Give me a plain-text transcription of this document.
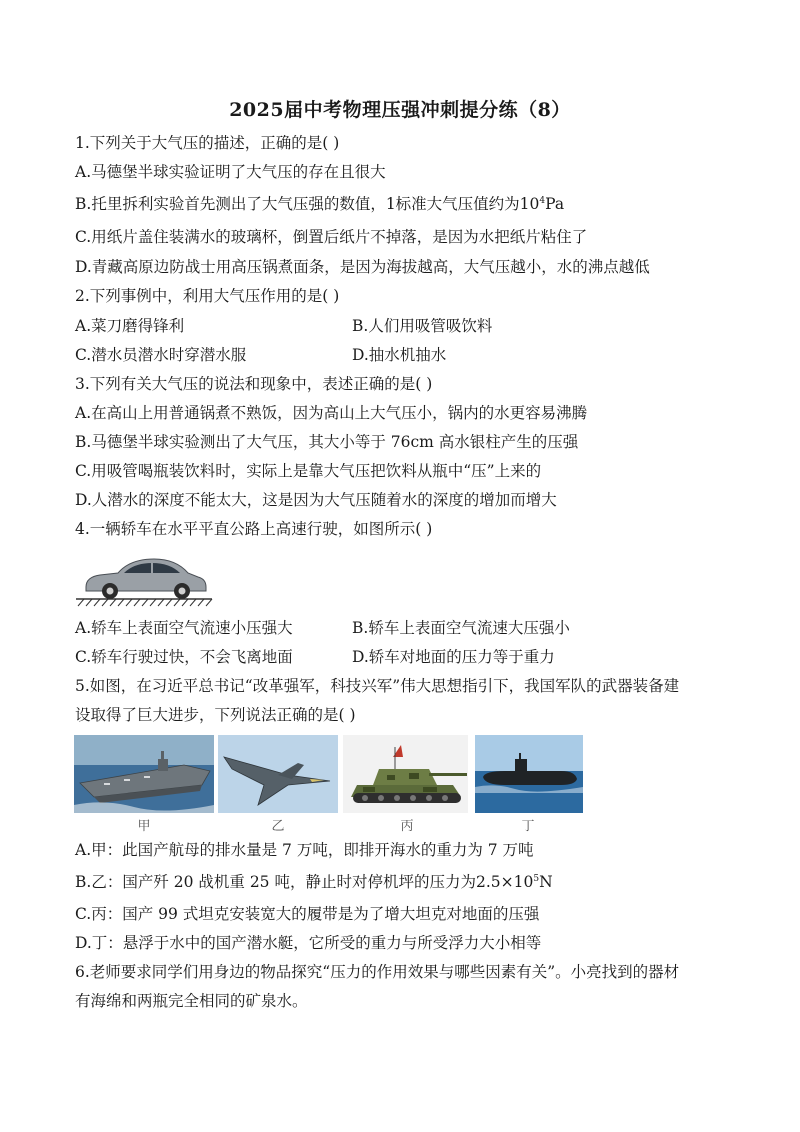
2025届中考物理压强冲刺提分练（8）
1.下列关于大气压的描述，正确的是( )
A.马德堡半球实验证明了大气压的存在且很大
B.托里拆利实验首先测出了大气压强的数值，1标准大气压值约为$10^4Pa$
C.用纸片盖住装满水的玻璃杯，倒置后纸片不掉落，是因为水把纸片粘住了
D.青藏高原边防战士用高压锅煮面条，是因为海拔越高，大气压越小，水的沸点越低
2.下列事例中，利用大气压作用的是( )
A.菜刀磨得锋利	B.人们用吸管吸饮料
C.潜水员潜水时穿潜水服	D.抽水机抽水
3.下列有关大气压的说法和现象中，表述正确的是( )
A.在高山上用普通锅煮不熟饭，因为高山上大气压小，锅内的水更容易沸腾
B.马德堡半球实验测出了大气压，其大小等于 76cm 高水银柱产生的压强
C.用吸管喝瓶装饮料时，实际上是靠大气压把饮料从瓶中“压”上来的
D.人潜水的深度不能太大，这是因为大气压随着水的深度的增加而增大
4.一辆轿车在水平平直公路上高速行驶，如图所示( )
A.轿车上表面空气流速小压强大	B.轿车上表面空气流速大压强小
C.轿车行驶过快，不会飞离地面	D.轿车对地面的压力等于重力
5.如图，在习近平总书记“改革强军，科技兴军”伟大思想指引下，我国军队的武器装备建
设取得了巨大进步，下列说法正确的是( )
甲	乙	丙	丁
A.甲：此国产航母的排水量是 7 万吨，即排开海水的重力为 7 万吨
B.乙：国产歼 20 战机重 25 吨，静止时对停机坪的压力为$2.5\times 10^5N$
C.丙：国产 99 式坦克安装宽大的履带是为了增大坦克对地面的压强
D.丁：悬浮于水中的国产潜水艇，它所受的重力与所受浮力大小相等
6.老师要求同学们用身边的物品探究“压力的作用效果与哪些因素有关”。小亮找到的器材
有海绵和两瓶完全相同的矿泉水。
